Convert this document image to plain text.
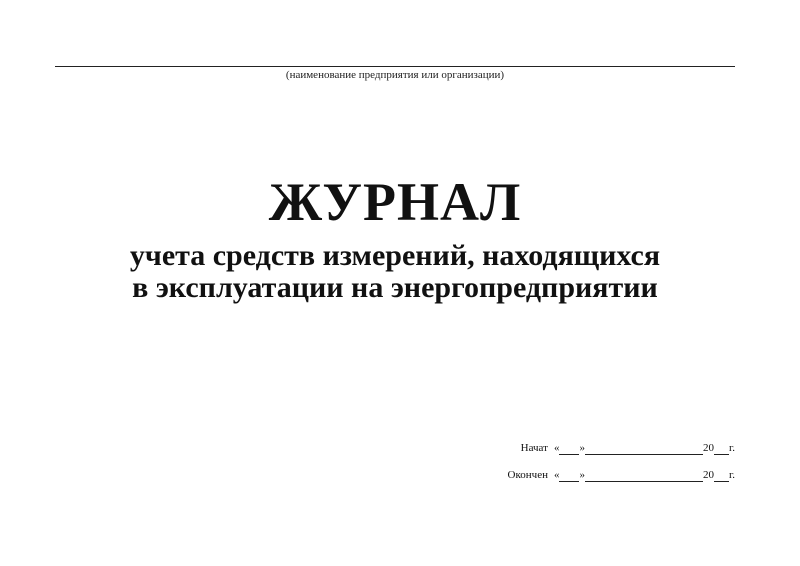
(наименование предприятия или организации)
ЖУРНАЛ
учета средств измерений, находящихся
в эксплуатации на энергопредприятии
Начат « »	20 г.
Окончен « »	20 г.
